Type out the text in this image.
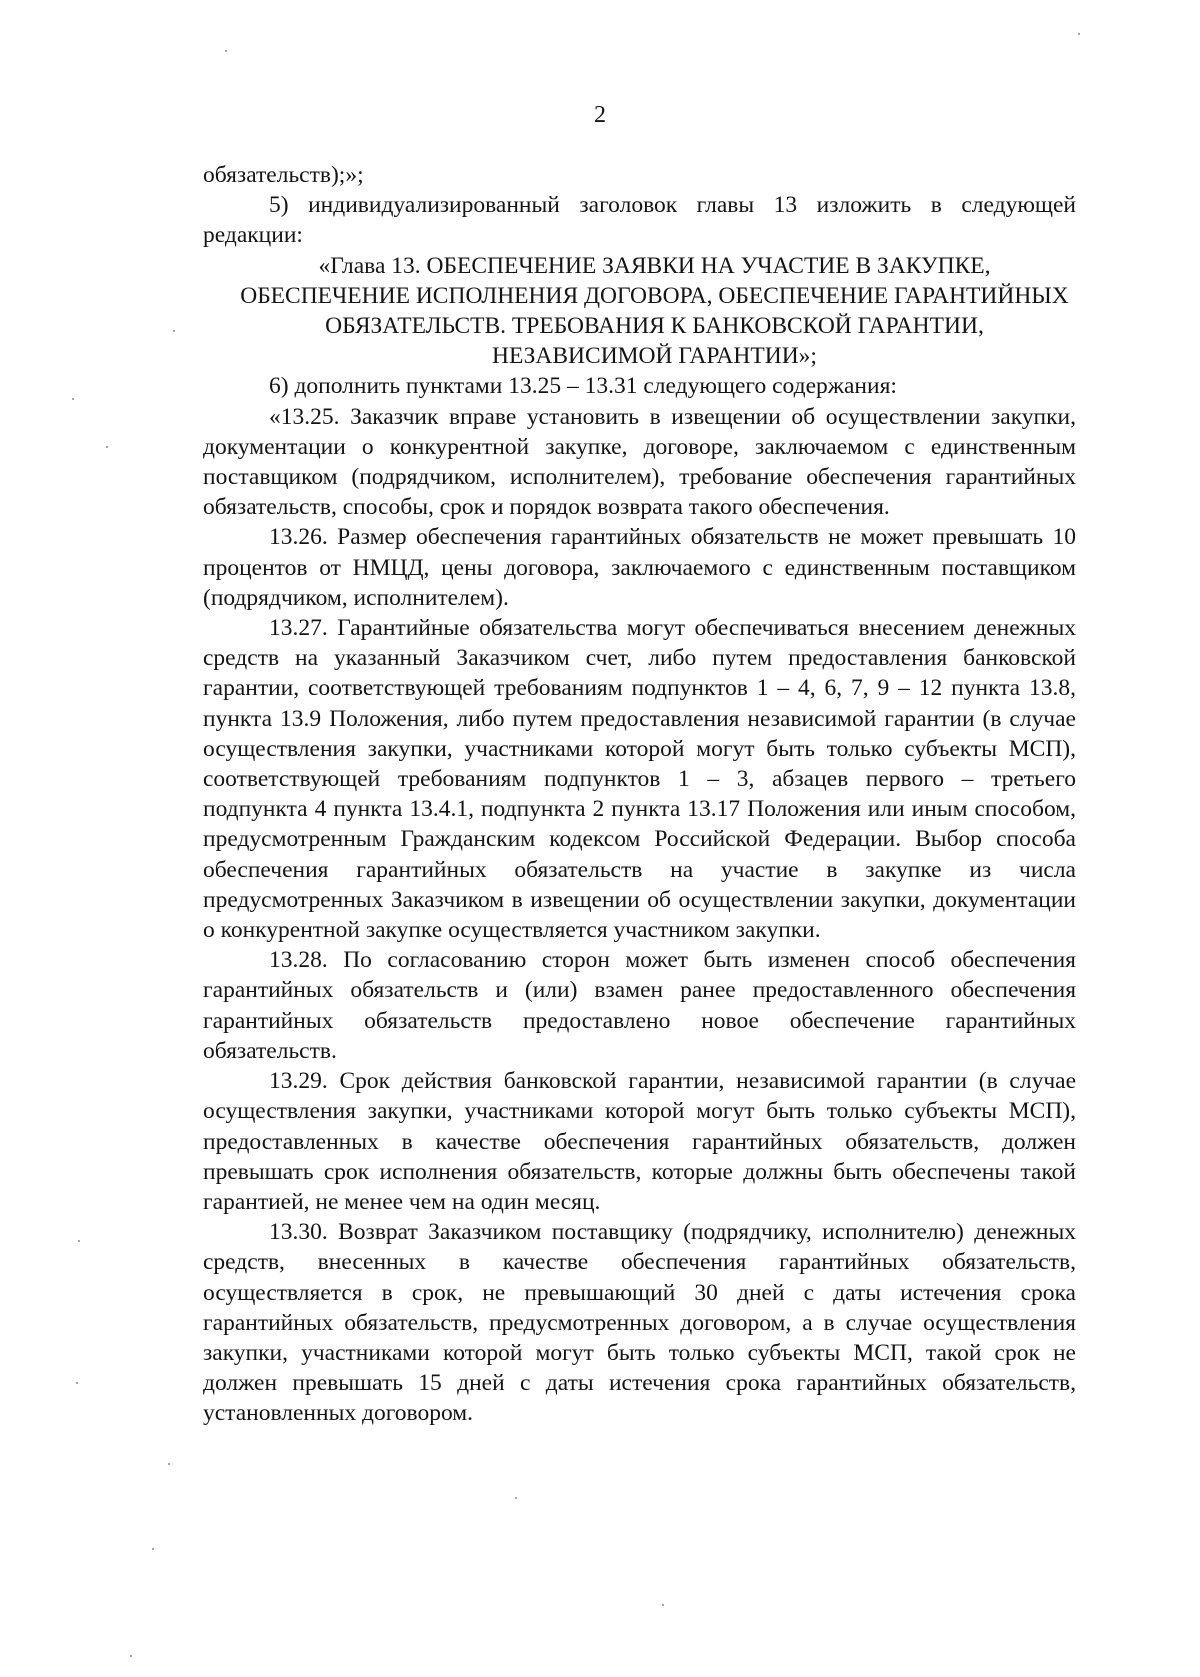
2

обязательств);»;

5) индивидуализированный заголовок главы 13 изложить в следующей редакции:

«Глава 13. ОБЕСПЕЧЕНИЕ ЗАЯВКИ НА УЧАСТИЕ В ЗАКУПКЕ, ОБЕСПЕЧЕНИЕ ИСПОЛНЕНИЯ ДОГОВОРА, ОБЕСПЕЧЕНИЕ ГАРАНТИЙНЫХ ОБЯЗАТЕЛЬСТВ. ТРЕБОВАНИЯ К БАНКОВСКОЙ ГАРАНТИИ, НЕЗАВИСИМОЙ ГАРАНТИИ»;

6) дополнить пунктами 13.25 – 13.31 следующего содержания:

«13.25. Заказчик вправе установить в извещении об осуществлении закупки, документации о конкурентной закупке, договоре, заключаемом с единственным поставщиком (подрядчиком, исполнителем), требование обеспечения гарантийных обязательств, способы, срок и порядок возврата такого обеспечения.

13.26. Размер обеспечения гарантийных обязательств не может превышать 10 процентов от НМЦД, цены договора, заключаемого с единственным поставщиком (подрядчиком, исполнителем).

13.27. Гарантийные обязательства могут обеспечиваться внесением денежных средств на указанный Заказчиком счет, либо путем предоставления банковской гарантии, соответствующей требованиям подпунктов 1 – 4, 6, 7, 9 – 12 пункта 13.8, пункта 13.9 Положения, либо путем предоставления независимой гарантии (в случае осуществления закупки, участниками которой могут быть только субъекты МСП), соответствующей требованиям подпунктов 1 – 3, абзацев первого – третьего подпункта 4 пункта 13.4.1, подпункта 2 пункта 13.17 Положения или иным способом, предусмотренным Гражданским кодексом Российской Федерации. Выбор способа обеспечения гарантийных обязательств на участие в закупке из числа предусмотренных Заказчиком в извещении об осуществлении закупки, документации о конкурентной закупке осуществляется участником закупки.

13.28. По согласованию сторон может быть изменен способ обеспечения гарантийных обязательств и (или) взамен ранее предоставленного обеспечения гарантийных обязательств предоставлено новое обеспечение гарантийных обязательств.

13.29. Срок действия банковской гарантии, независимой гарантии (в случае осуществления закупки, участниками которой могут быть только субъекты МСП), предоставленных в качестве обеспечения гарантийных обязательств, должен превышать срок исполнения обязательств, которые должны быть обеспечены такой гарантией, не менее чем на один месяц.

13.30. Возврат Заказчиком поставщику (подрядчику, исполнителю) денежных средств, внесенных в качестве обеспечения гарантийных обязательств, осуществляется в срок, не превышающий 30 дней с даты истечения срока гарантийных обязательств, предусмотренных договором, а в случае осуществления закупки, участниками которой могут быть только субъекты МСП, такой срок не должен превышать 15 дней с даты истечения срока гарантийных обязательств, установленных договором.
